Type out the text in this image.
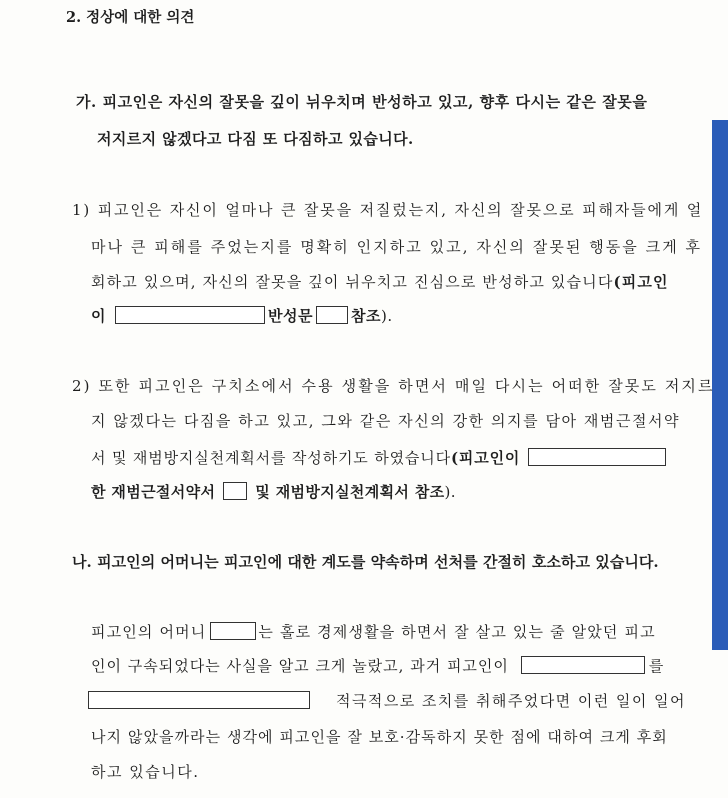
2. 정상에 대한 의견
가. 피고인은 자신의 잘못을 깊이 뉘우치며 반성하고 있고, 향후 다시는 같은 잘못을
저지르지 않겠다고 다짐 또 다짐하고 있습니다.
1) 피고인은 자신이 얼마나 큰 잘못을 저질렀는지, 자신의 잘못으로 피해자들에게 얼
마나 큰 피해를 주었는지를 명확히 인지하고 있고, 자신의 잘못된 행동을 크게 후
회하고 있으며, 자신의 잘못을 깊이 뉘우치고 진심으로 반성하고 있습니다(피고인
이	반성문	참조).
2) 또한 피고인은 구치소에서 수용 생활을 하면서 매일 다시는 어떠한 잘못도 저지르
지 않겠다는 다짐을 하고 있고, 그와 같은 자신의 강한 의지를 담아 재범근절서약
서 및 재범방지실천계획서를 작성하기도 하였습니다(피고인이
한 재범근절서약서	및 재범방지실천계획서 참조).
나. 피고인의 어머니는 피고인에 대한 계도를 약속하며 선처를 간절히 호소하고 있습니다.
피고인의 어머니	는 홀로 경제생활을 하면서 잘 살고 있는 줄 알았던 피고
인이 구속되었다는 사실을 알고 크게 놀랐고, 과거 피고인이	를
적극적으로 조치를 취해주었다면 이런 일이 일어
나지 않았을까라는 생각에 피고인을 잘 보호·감독하지 못한 점에 대하여 크게 후회
하고 있습니다.
